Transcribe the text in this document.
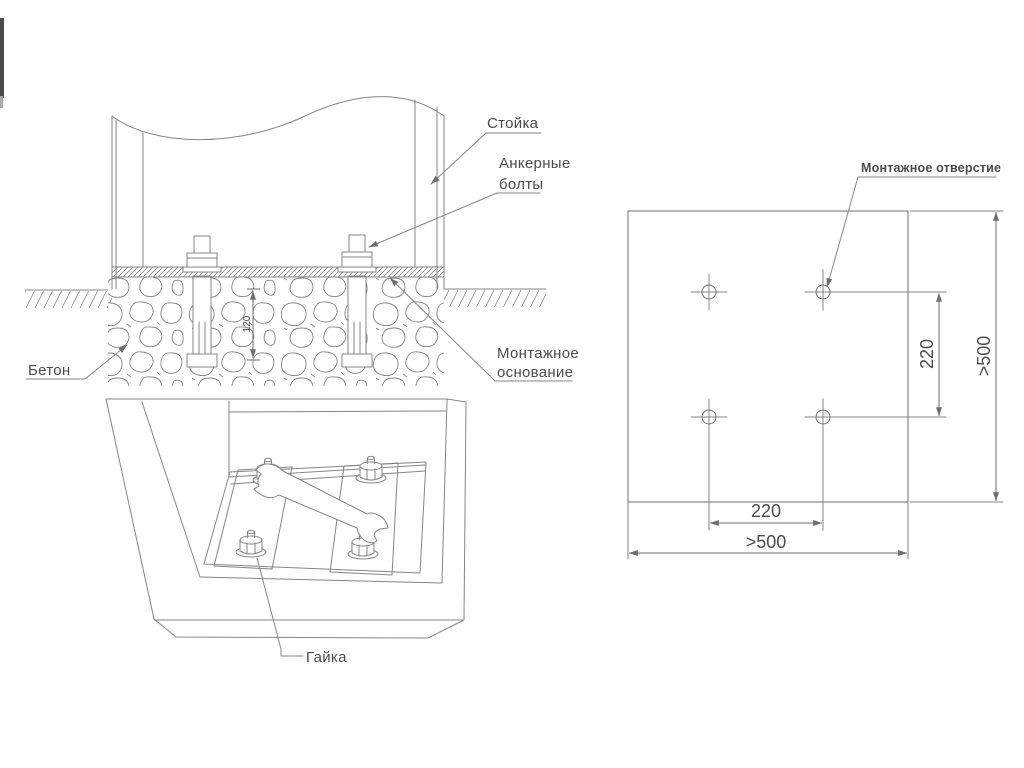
120
Стойка
Анкерные
болты
Монтажное
основание
Бетон
Гайка
220 >500
220
>500
Монтажное отверстие
